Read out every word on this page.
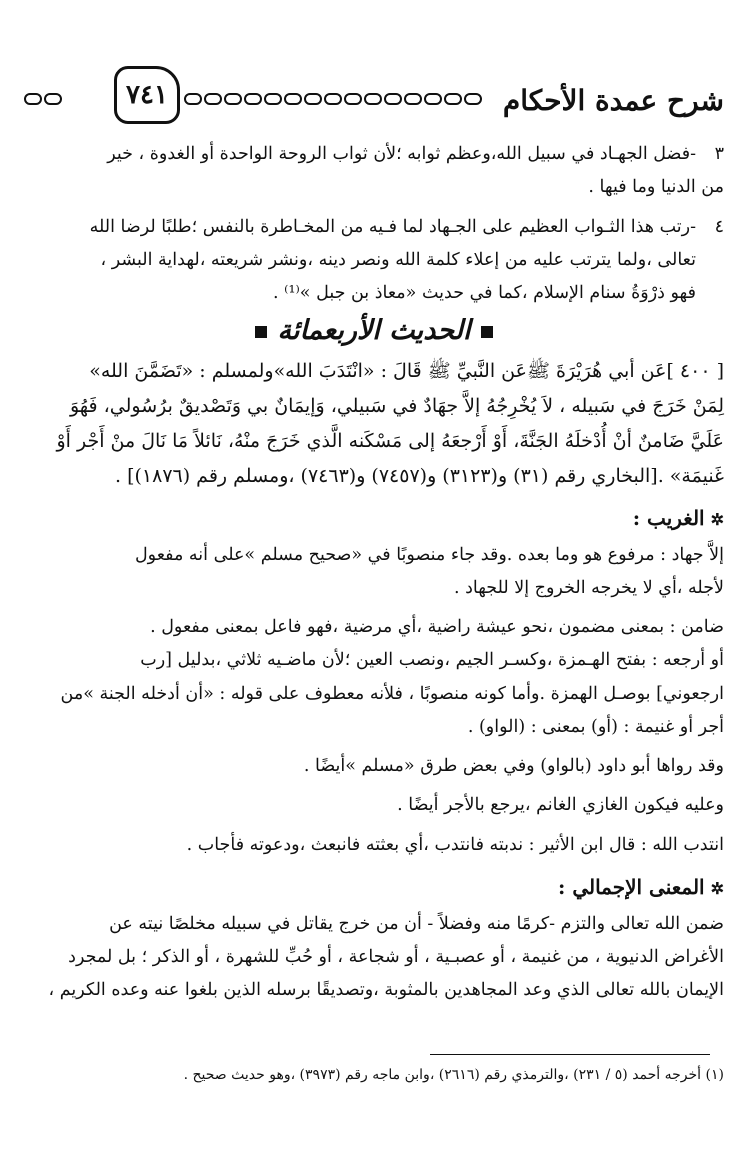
شرح عمدة الأحكام
٧٤١
٣-فضل الجهـاد في سبيل الله،وعظم ثوابه ؛لأن ثواب الروحة الواحدة أو الغدوة ، خير
من الدنيا وما فيها .
٤-رتب هذا الثـواب العظيم على الجـهاد لما فـيه من المخـاطرة بالنفس ؛طلبًا لرضا الله
تعالى ،ولما يترتب عليه من إعلاء كلمة الله ونصر دينه ،ونشر شريعته ،لهداية البشر ،
فهو ذرْوَةُ سنام الإسلام ،كما في حديث «معاذ بن جبل »⁽¹⁾ .
الحديث الأربعمائة
[ ٤٠٠ ]عَن أبي هُرَيْرَةَ ﷺعَن النَّبيِّ ﷺ قَالَ : «انْتَدَبَ الله»ولمسلم : «تَضَمَّنَ الله»
لِمَنْ خَرَجَ في سَبيله ، لاَ يُخْرِجُهُ إلاَّ جهَادٌ في سَبيلي، وَإيمَانٌ بي وَتَصْديقٌ برُسُولي، فَهُوَ
عَلَيَّ ضَامنٌ أنْ أُدْخلَهُ الجَنَّةَ، أَوْ أَرْجعَهُ إلى مَسْكَنه الَّذي خَرَجَ منْهُ، نَائلاً مَا نَالَ منْ أَجْر أَوْ
غَنيمَة» .[البخاري رقم (٣١) و(٣١٢٣) و(٧٤٥٧) و(٧٤٦٣) ،ومسلم رقم (١٨٧٦)] .
✲الغريب :

إلاَّ جهاد : مرفوع هو وما بعده .وقد جاء منصوبًا في «صحيح مسلم »على أنه مفعول

لأجله ،أي لا يخرجه الخروج إلا للجهاد .

ضامن : بمعنى مضمون ،نحو عيشة راضية ،أي مرضية ،فهو فاعل بمعنى مفعول .

أو أرجعه : بفتح الهـمزة ،وكسـر الجيم ،ونصب العين ؛لأن ماضـيه ثلاثي ،بدليل [رب

ارجعوني] بوصـل الهمزة .وأما كونه منصوبًا ، فلأنه معطوف على قوله : «أن أدخله الجنة »من

أجر أو غنيمة : (أو) بمعنى : (الواو) .

وقد رواها أبو داود (بالواو) وفي بعض طرق «مسلم »أيضًا .

وعليه فيكون الغازي الغانم ،يرجع بالأجر أيضًا .

انتدب الله : قال ابن الأثير : ندبته فانتدب ،أي بعثته فانبعث ،ودعوته فأجاب .

✲المعنى الإجمالي :

ضمن الله تعالى والتزم -كرمًا منه وفضلاً - أن من خرج يقاتل في سبيله مخلصًا نيته عن

الأغراض الدنيوية ، من غنيمة ، أو عصبـية ، أو شجاعة ، أو حُبِّ للشهرة ، أو الذكر ؛ بل لمجرد

الإيمان بالله تعالى الذي وعد المجاهدين بالمثوبة ،وتصديقًا برسله الذين بلغوا عنه وعده الكريم ،

(١) أخرجه أحمد (٥ / ٢٣١) ،والترمذي رقم (٢٦١٦) ،وابن ماجه رقم (٣٩٧٣) ،وهو حديث صحيح .
